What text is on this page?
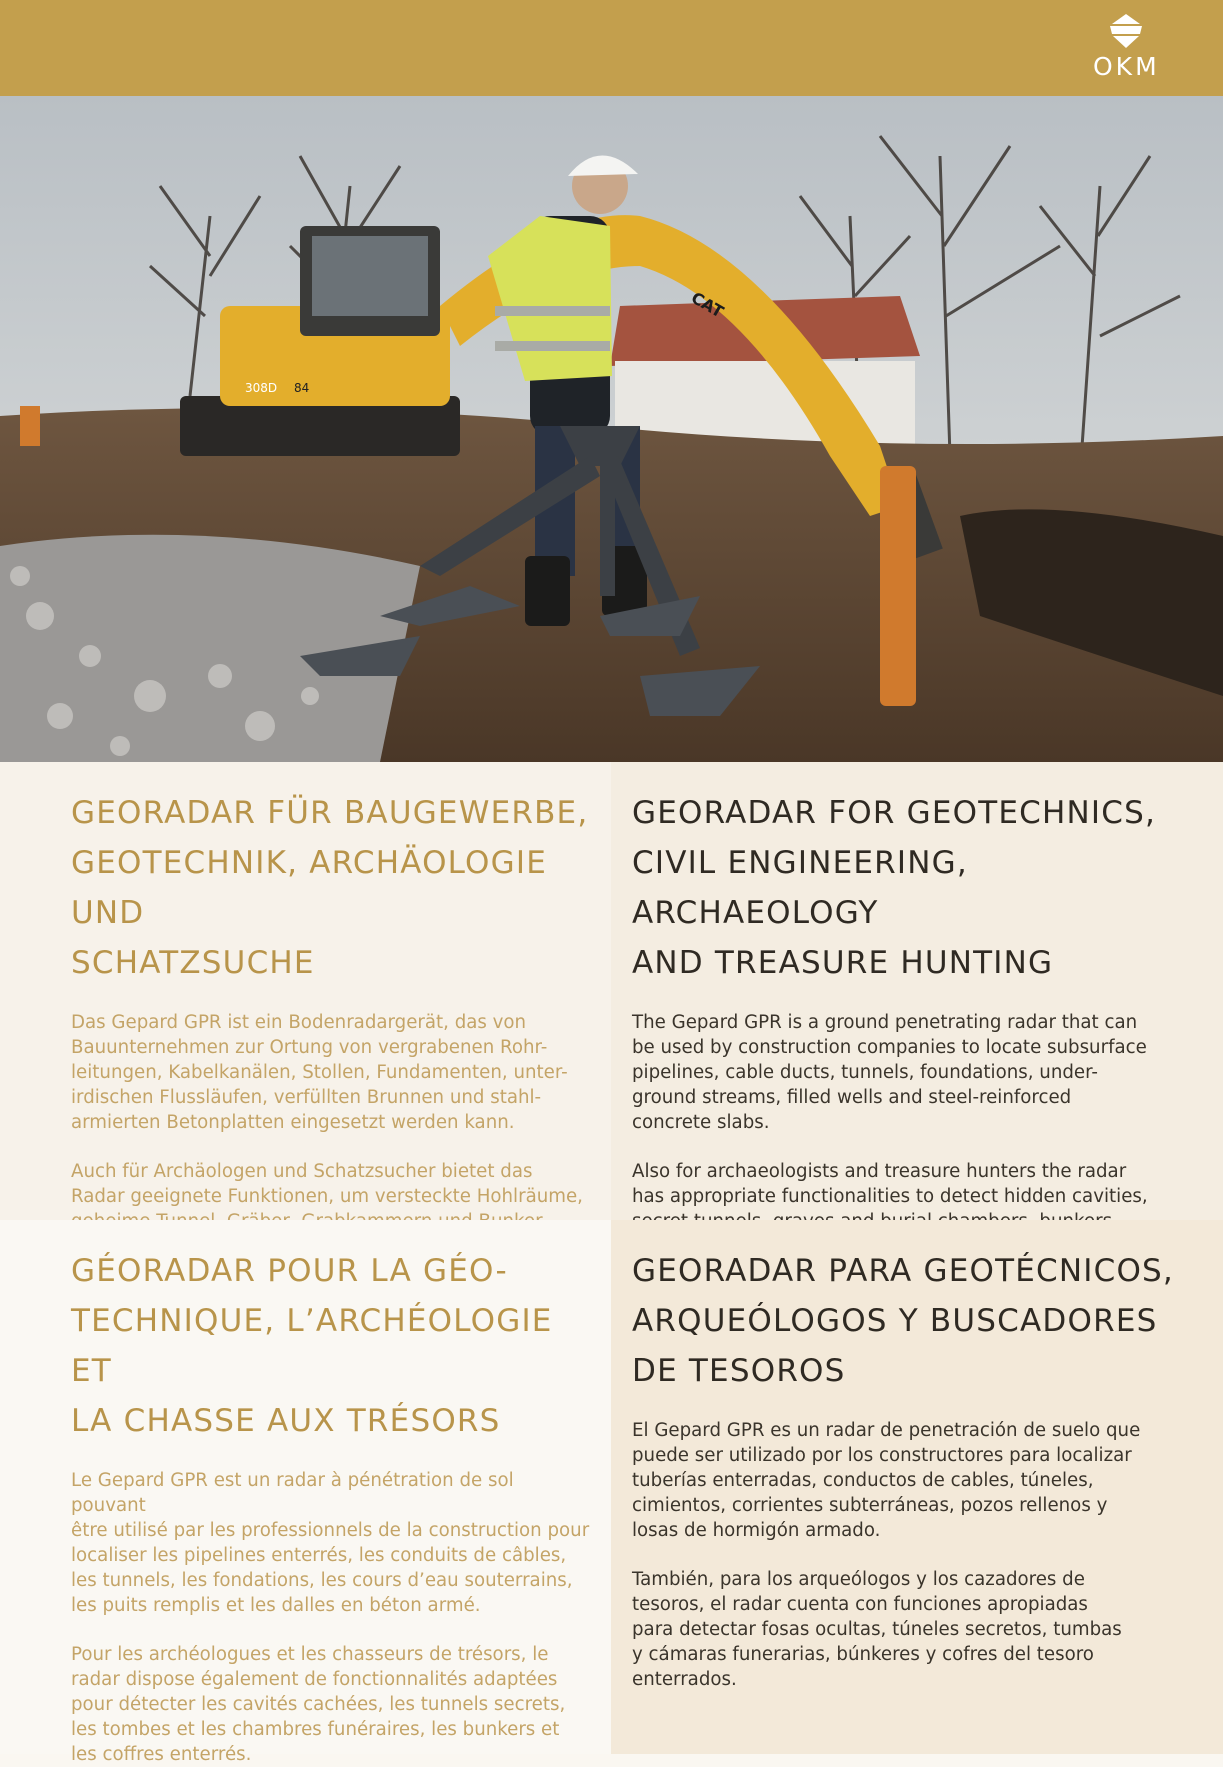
OKM
308D 84
CAT
GEORADAR FÜR BAUGEWERBE,
GEOTECHNIK, ARCHÄOLOGIE UND
SCHATZSUCHE

Das Gepard GPR ist ein Bodenradargerät, das von
Bauunternehmen zur Ortung von vergrabenen Rohr-
leitungen, Kabelkanälen, Stollen, Fundamenten, unter-
irdischen Flussläufen, verfüllten Brunnen und stahl-
armierten Betonplatten eingesetzt werden kann.

Auch für Archäologen und Schatzsucher bietet das
Radar geeignete Funktionen, um versteckte Hohlräume,

GEORADAR FOR GEOTECHNICS,
CIVIL ENGINEERING, ARCHAEOLOGY
AND TREASURE HUNTING

The Gepard GPR is a ground penetrating radar that can
be used by construction companies to locate subsurface
pipelines, cable ducts, tunnels, foundations, under-
ground streams, filled wells and steel-reinforced
concrete slabs.

Also for archaeologists and treasure hunters the radar
has appropriate functionalities to detect hidden cavities,

GÉORADAR POUR LA GÉO-
TECHNIQUE, L’ARCHÉOLOGIE ET
LA CHASSE AUX TRÉSORS

Le Gepard GPR est un radar à pénétration de sol pouvant
être utilisé par les professionnels de la construction pour
localiser les pipelines enterrés, les conduits de câbles,
les tunnels, les fondations, les cours d’eau souterrains,
les puits remplis et les dalles en béton armé.

Pour les archéologues et les chasseurs de trésors, le
radar dispose également de fonctionnalités adaptées
pour détecter les cavités cachées, les tunnels secrets,
les tombes et les chambres funéraires, les bunkers et
les coffres enterrés.

GEORADAR PARA GEOTÉCNICOS,
ARQUEÓLOGOS Y BUSCADORES
DE TESOROS

El Gepard GPR es un radar de penetración de suelo que
puede ser utilizado por los constructores para localizar
tuberías enterradas, conductos de cables, túneles,
cimientos, corrientes subterráneas, pozos rellenos y
losas de hormigón armado.

También, para los arqueólogos y los cazadores de
tesoros, el radar cuenta con funciones apropiadas
para detectar fosas ocultas, túneles secretos, tumbas
y cámaras funerarias, búnkeres y cofres del tesoro
enterrados.
